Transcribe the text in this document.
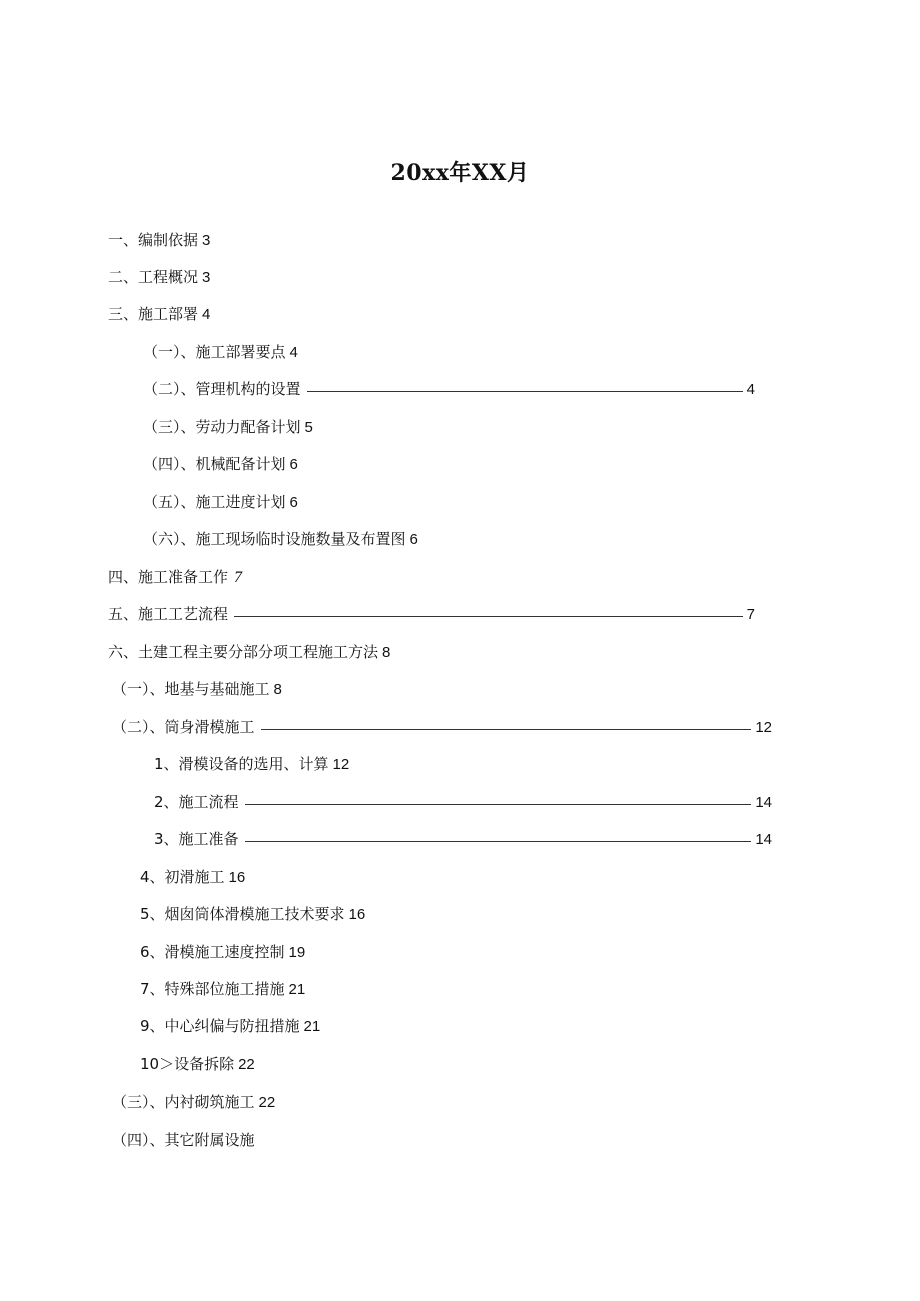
20xx年XX月
一、编制依据 3
二、工程概况 3
三、施工部署 4
（一）、施工部署要点 4
（二）、管理机构的设置	4
（三）、劳动力配备计划 5
（四）、机械配备计划 6
（五）、施工进度计划 6
（六）、施工现场临时设施数量及布置图 6
四、施工准备工作 7
五、施工工艺流程	7
六、土建工程主要分部分项工程施工方法 8
（一）、地基与基础施工 8
（二）、筒身滑模施工	12
1、滑模设备的选用、计算 12
2、施工流程	14
3、施工准备	14
4、初滑施工 16
5、烟囱筒体滑模施工技术要求 16
6、滑模施工速度控制 19
7、特殊部位施工措施 21
9、中心纠偏与防扭措施 21
10＞设备拆除 22
（三）、内衬砌筑施工 22
（四）、其它附属设施
